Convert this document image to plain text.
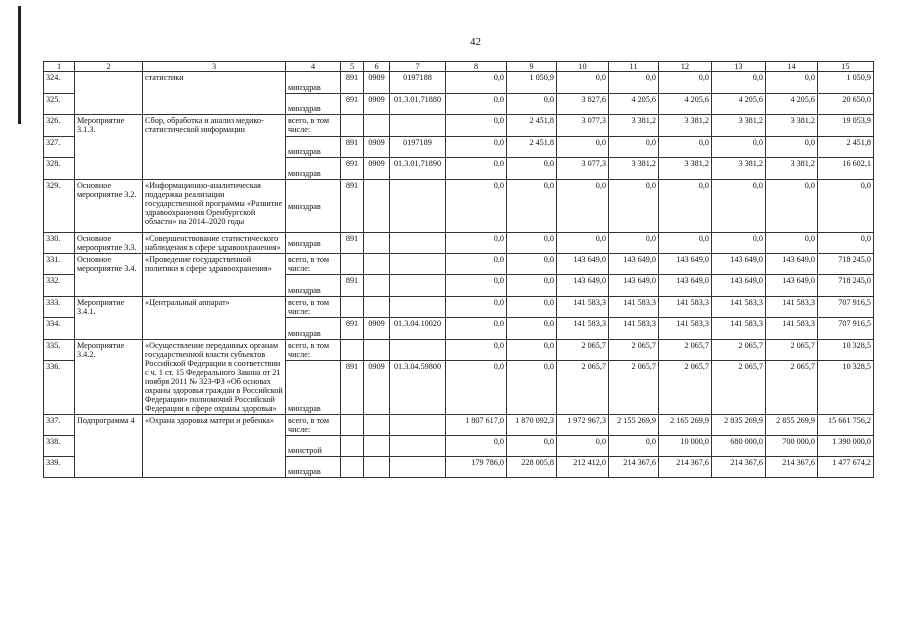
42
1	2	3	4	5	6	7	8	9	10	11	12	13	14	15
324.		статистики	минздрав	891	0909	0197188	0,0	1 050,9	0,0	0,0	0,0	0,0	0,0	1 050,9
325.			минздрав	891	0909	01.3.01.71880	0,0	0,0	3 827,6	4 205,6	4 205,6	4 205,6	4 205,6	20 650,0
326.	Мероприятие 3.1.3.	Сбор, обработка и анализ медико-статистической информации	всего, в том числе:				0,0	2 451,8	3 077,3	3 381,2	3 381,2	3 381,2	3 381,2	19 053,9
327.			минздрав	891	0909	0197189	0,0	2 451,8	0,0	0,0	0,0	0,0	0,0	2 451,8
328.			минздрав	891	0909	01.3.01.71890	0,0	0,0	3 077,3	3 381,2	3 381,2	3 381,2	3 381,2	16 602,1
329.	Основное мероприятие 3.2.	«Информационно-аналитическая поддержка реализации государственной программы «Развитие здравоохранения Оренбургской области» на 2014–2020 годы	минздрав	891			0,0	0,0	0,0	0,0	0,0	0,0	0,0	0,0
330.	Основное мероприятие 3.3.	«Совершенствование статистического наблюдения в сфере здравоохранения»	минздрав	891			0,0	0,0	0,0	0,0	0,0	0,0	0,0	0,0
331.	Основное мероприятие 3.4.	«Проведение государственной политики в сфере здравоохранения»	всего, в том числе:				0,0	0,0	143 649,0	143 649,0	143 649,0	143 649,0	143 649,0	718 245,0
332.			минздрав	891			0,0	0,0	143 649,0	143 649,0	143 649,0	143 649,0	143 649,0	718 245,0
333.	Мероприятие 3.4.1.	«Центральный аппарат»	всего, в том числе:				0,0	0,0	141 583,3	141 583,3	141 583,3	141 583,3	141 583,3	707 916,5
334.			минздрав	891	0909	01.3.04.10020	0,0	0,0	141 583,3	141 583,3	141 583,3	141 583,3	141 583,3	707 916,5
335.	Мероприятие 3.4.2.	«Осуществление переданных органам государственной власти субъектов Российской Федерации в соответствии с ч. 1 ст. 15 Федерального Закона от 21 ноября 2011 № 323-ФЗ «Об основах охраны здоровья граждан в Российской Федерации» полномочий Российской Федерации в сфере охраны здоровья»	всего, в том числе:				0,0	0,0	2 065,7	2 065,7	2 065,7	2 065,7	2 065,7	10 328,5
336.			минздрав	891	0909	01.3.04.59800	0,0	0,0	2 065,7	2 065,7	2 065,7	2 065,7	2 065,7	10 328,5
337.	Подпрограмма 4	«Охрана здоровья матери и ребенка»	всего, в том числе:				1 807 617,0	1 870 092,3	1 972 967,3	2 155 269,9	2 165 269,9	2 835 269,9	2 855 269,9	15 661 756,2
338.			минстрой				0,0	0,0	0,0	0,0	10 000,0	680 000,0	700 000,0	1 390 000,0
339.			минздрав				179 786,0	228 005,8	212 412,0	214 367,6	214 367,6	214 367,6	214 367,6	1 477 674,2
